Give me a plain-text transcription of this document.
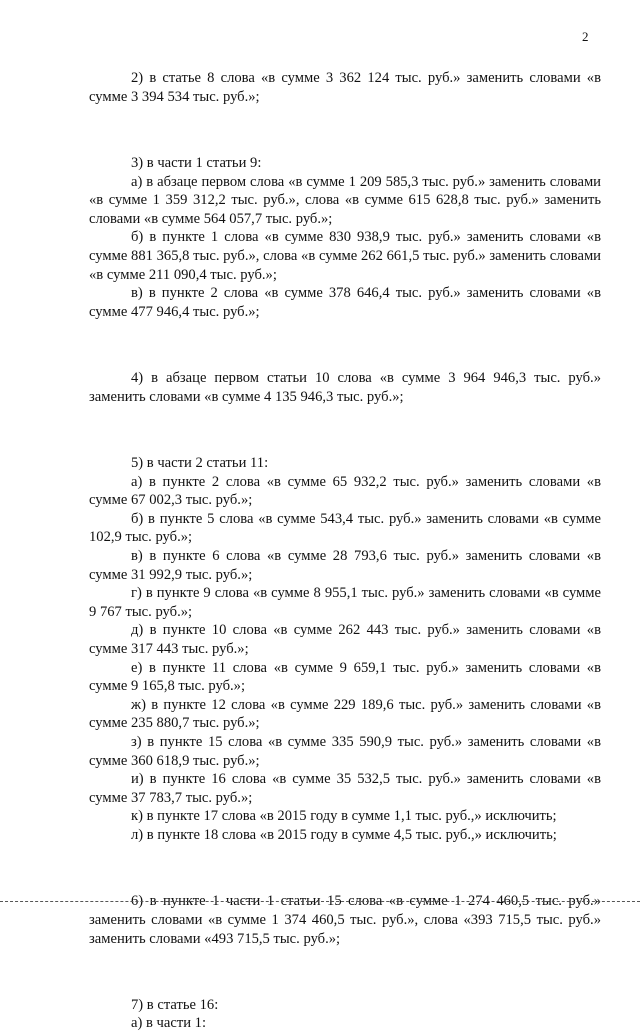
2

2) в статье 8 слова «в сумме 3 362 124 тыс. руб.» заменить словами «в сумме 3 394 534 тыс. руб.»;

3) в части 1 статьи 9:

а) в абзаце первом слова «в сумме 1 209 585,3 тыс. руб.» заменить словами «в сумме 1 359 312,2 тыс. руб.», слова «в сумме 615 628,8 тыс. руб.» заменить словами «в сумме 564 057,7 тыс. руб.»;

б) в пункте 1 слова «в сумме 830 938,9 тыс. руб.» заменить словами «в сумме 881 365,8 тыс. руб.», слова «в сумме 262 661,5 тыс. руб.» заменить словами «в сумме 211 090,4 тыс. руб.»;

в) в пункте 2 слова «в сумме 378 646,4 тыс. руб.» заменить словами «в сумме 477 946,4 тыс. руб.»;

4) в абзаце первом статьи 10 слова «в сумме 3 964 946,3 тыс. руб.» заменить словами «в сумме 4 135 946,3 тыс. руб.»;

5) в части 2 статьи 11:

а) в пункте 2 слова «в сумме 65 932,2 тыс. руб.» заменить словами «в сумме 67 002,3 тыс. руб.»;

б) в пункте 5 слова «в сумме 543,4 тыс. руб.» заменить словами «в сумме 102,9 тыс. руб.»;

в) в пункте 6 слова «в сумме 28 793,6 тыс. руб.» заменить словами «в сумме 31 992,9 тыс. руб.»;

г) в пункте 9 слова «в сумме 8 955,1 тыс. руб.» заменить словами «в сумме 9 767 тыс. руб.»;

д) в пункте 10 слова «в сумме 262 443 тыс. руб.» заменить словами «в сумме 317 443 тыс. руб.»;

е) в пункте 11 слова «в сумме 9 659,1 тыс. руб.» заменить словами «в сумме 9 165,8 тыс. руб.»;

ж) в пункте 12 слова «в сумме 229 189,6 тыс. руб.» заменить словами «в сумме 235 880,7 тыс. руб.»;

з) в пункте 15 слова «в сумме 335 590,9 тыс. руб.» заменить словами «в сумме 360 618,9 тыс. руб.»;

и) в пункте 16 слова «в сумме 35 532,5 тыс. руб.» заменить словами «в сумме 37 783,7 тыс. руб.»;

к) в пункте 17 слова «в 2015 году в сумме 1,1 тыс. руб.,» исключить;

л) в пункте 18 слова «в 2015 году в сумме 4,5 тыс. руб.,» исключить;

6) в пункте 1 части 1 статьи 15 слова «в сумме 1 274 460,5 тыс. руб.» заменить словами «в сумме 1 374 460,5 тыс. руб.», слова «393 715,5 тыс. руб.» заменить словами «493 715,5 тыс. руб.»;

7) в статье 16:

а) в части 1:
